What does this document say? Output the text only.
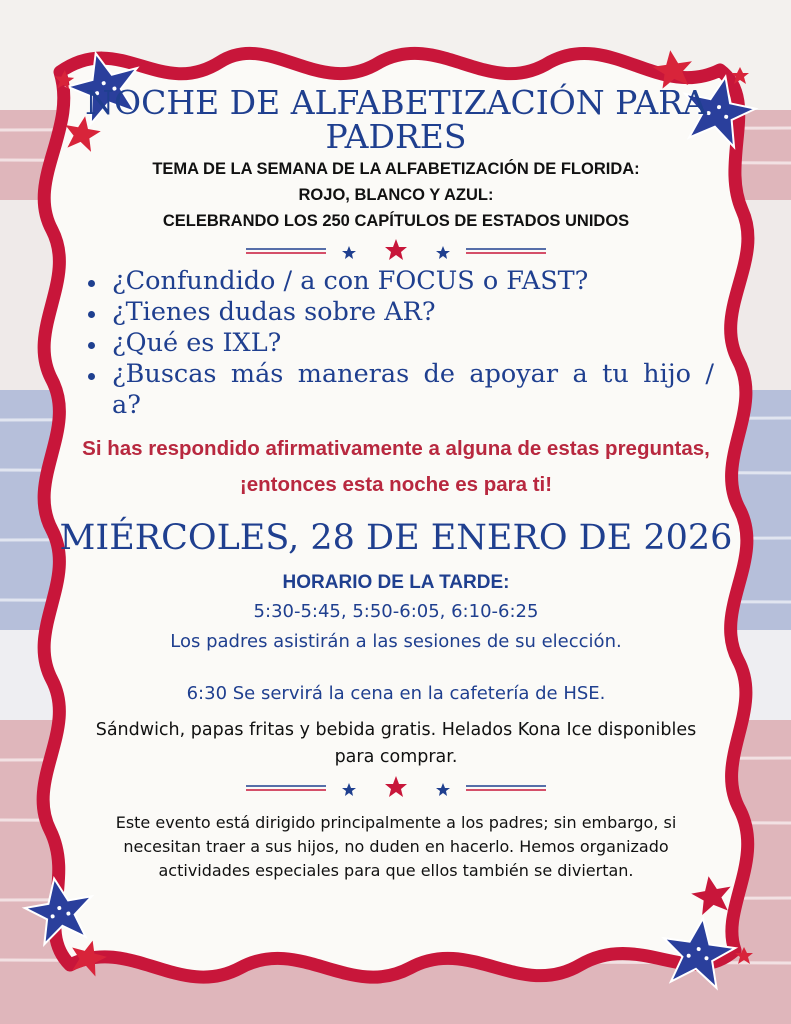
NOCHE DE ALFABETIZACIÓN PARA PADRES

TEMA DE LA SEMANA DE LA ALFABETIZACIÓN DE FLORIDA:

ROJO, BLANCO Y AZUL:

CELEBRANDO LOS 250 CAPÍTULOS DE ESTADOS UNIDOS

¿Confundido / a con FOCUS o FAST?
¿Tienes dudas sobre AR?
¿Qué es IXL?
¿Buscas más maneras de apoyar a tu hijo / a?

Si has respondido afirmativamente a alguna de estas preguntas, ¡entonces esta noche es para ti!

MIÉRCOLES, 28 DE ENERO DE 2026

HORARIO DE LA TARDE:

5:30-5:45, 5:50-6:05, 6:10-6:25

Los padres asistirán a las sesiones de su elección.

6:30 Se servirá la cena en la cafetería de HSE.

Sándwich, papas fritas y bebida gratis. Helados Kona Ice disponibles para comprar.

Este evento está dirigido principalmente a los padres; sin embargo, si necesitan traer a sus hijos, no duden en hacerlo. Hemos organizado actividades especiales para que ellos también se diviertan.
